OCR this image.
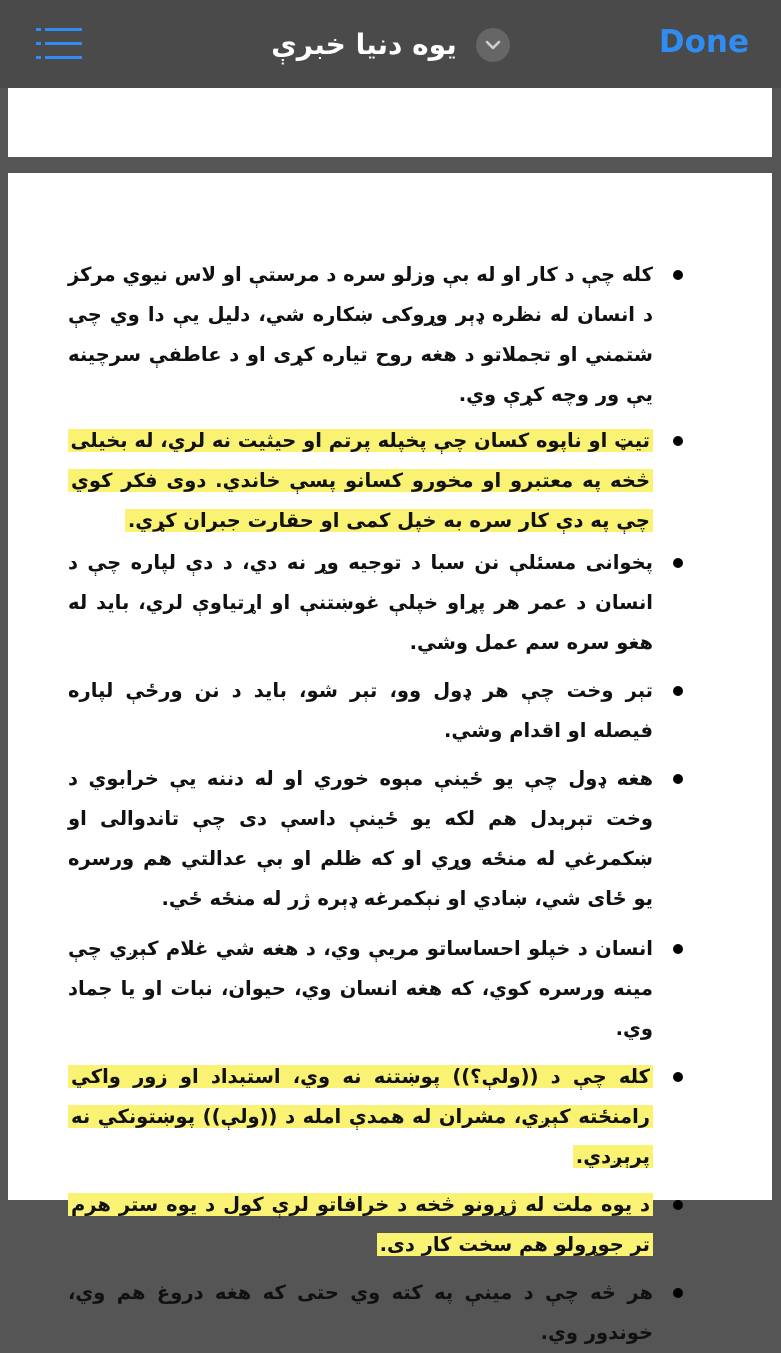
يوه دنيا خبرې	Done
کله چې د کار او له بې وزلو سره د مرستې او لاس نيوي مرکز د انسان له نظره ډېر وړوکی ښکاره شي، دليل يې دا وي چې شتمني او تجملاتو د هغه روح تياره کړی او د عاطفې سرچينه يې ور وچه کړې وي.
تيټ او ناپوه کسان چې پخپله پرتم او حيثيت نه لري، له بخيلی څخه په معتبرو او مخورو کسانو پسې خاندي. دوی فکر کوي چې په دې کار سره به خپل کمی او حقارت جبران کړي.
پخوانی مسئلې نن سبا د توجيه وړ نه دي، د دې لپاره چې د انسان د عمر هر پړاو خپلې غوښتنې او اړتياوې لري، بايد له هغو سره سم عمل وشي.
تېر وخت چې هر ډول وو، تېر شو، بايد د نن ورځې لپاره فيصله او اقدام وشي.
هغه ډول چې يو ځينې مېوه خوري او له دننه يې خرابوي د وخت تېرېدل هم لکه يو ځينې داسې دی چې تاندوالی او ښکمرغي له منځه وړي او که ظلم او بې عدالتي هم ورسره يو ځای شي، ښادي او نېکمرغه ډېره ژر له منځه ځي.
انسان د خپلو احساساتو مريې وي، د هغه شي غلام کېږي چې مينه ورسره کوي، که هغه انسان وي، حيوان، نبات او يا جماد وي.
کله چې د ((ولې؟)) پوښتنه نه وي، استبداد او زور واکي رامنځته کېږي، مشران له همدې امله د ((ولې)) پوښتونکي نه پرېږدي.
د يوه ملت له ژړونو څخه د خرافاتو لرې کول د يوه ستر هرم تر جوړولو هم سخت کار دی.
هر څه چې د مينې په کته وي حتی که هغه دروغ هم وي، خوندور وي.
